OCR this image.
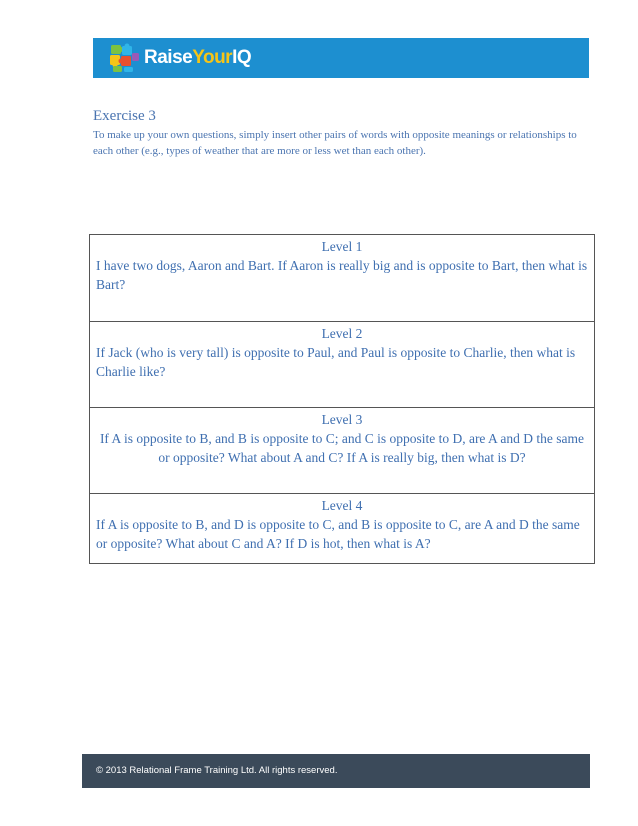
RaiseYourIQ
Exercise 3
To make up your own questions, simply insert other pairs of words with opposite meanings or relationships to each other (e.g., types of weather that are more or less wet than each other).
Level 1
I have two dogs, Aaron and Bart. If Aaron is really big and is opposite to Bart, then what is Bart?
Level 2
If Jack (who is very tall) is opposite to Paul, and Paul is opposite to Charlie, then what is Charlie like?
Level 3
If A is opposite to B, and B is opposite to C; and C is opposite to D, are A and D the same or opposite? What about A and C? If A is really big, then what is D?
Level 4
If A is opposite to B, and D is opposite to C, and B is opposite to C, are A and D the same or opposite? What about C and A? If D is hot, then what is A?
© 2013 Relational Frame Training Ltd. All rights reserved.
